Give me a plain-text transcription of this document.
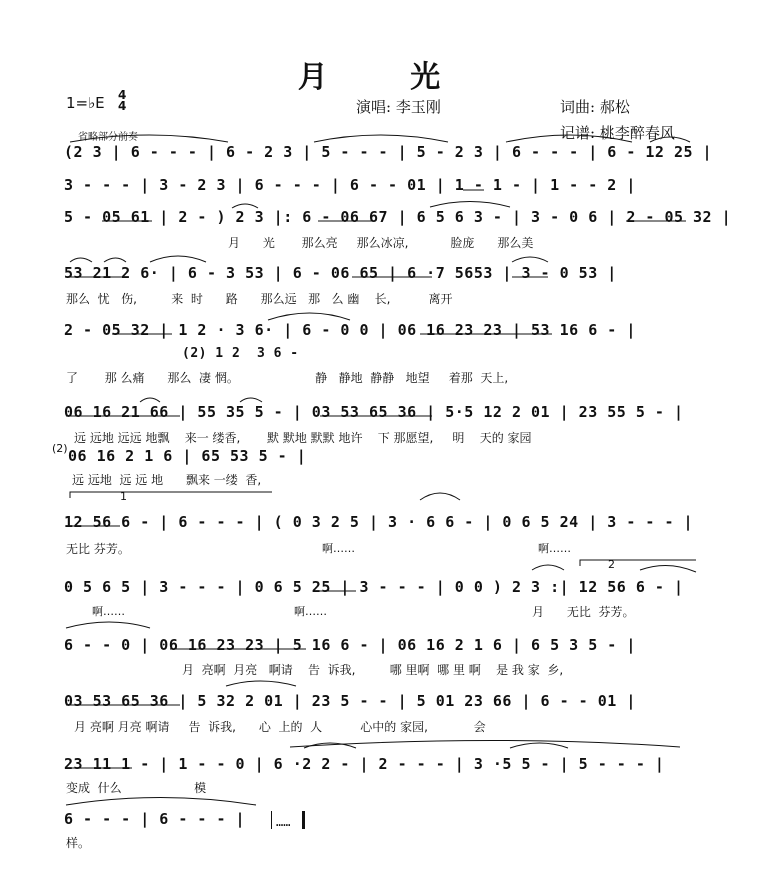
月 光
1=♭E 4
4	演唱: 李玉刚	词曲: 郝松
记谱: 桃李醉春风
省略部分前奏
(2 3 | 6 - - - | 6 - 2 3 | 5 - - - | 5 - 2 3 | 6 - - - | 6 - 12 25 |
3 - - - | 3 - 2 3 | 6 - - - | 6 - - 01 | 1 - 1 - | 1 - - 2 |
5 - 05 61 | 2 - ) 2 3 |: 6 - 06 67 | 6 5 6 3 - | 3 - 0 6 | 2 - 05 32 |
月      光       那么亮     那么冰凉,           脸庞      那么美
53 21 2 6· | 6 - 3 53 | 6 - 06 65 | 6 ·7 5653 | 3 - 0 53 |
那么  忧   伤,         来  时      路      那么远   那   么 幽    长,          离开
2 - 05 32 | 1 2 · 3 6· | 6 - 0 0 | 06 16 23 23 | 53 16 6 - |
(2) 1 2  3 6 -
了       那 么痛      那么  凄 惘。                    静   静地  静静   地望     着那  天上,
06 16 21 66 | 55 35 5 - | 03 53 65 36 | 5·5 12 2 01 | 23 55 5 - |
远 远地 远远 地飘    来一 缕香,       默 默地 默默 地许    下 那愿望,     明    天的 家园
(2) 06 16 2 1 6 | 65 53 5 - |
远 远地  远 远 地      飘来 一缕  香,
1
12 56 6 - | 6 - - - | ( 0 3 2 5 | 3 · 6 6 - | 0 6 5 24 | 3 - - - |
无比 芬芳。	啊……	啊……
2
0 5 6 5 | 3 - - - | 0 6 5 25 | 3 - - - | 0 0 ) 2 3 :| 12 56 6 - |
啊……	啊……	月      无比  芬芳。
6 - - 0 | 06 16 23 23 | 5 16 6 - | 06 16 2 1 6 | 6 5 3 5 - |
月  亮啊  月亮   啊请    告  诉我,         哪 里啊  哪 里 啊    是 我 家  乡,
03 53 65 36 | 5 32 2 01 | 23 5 - - | 5 01 23 66 | 6 - - 01 |
月 亮啊 月亮 啊请     告  诉我,      心  上的  人          心中的 家园,            会
23 11 1 - | 1 - - 0 | 6 ·2 2 - | 2 - - - | 3 ·5 5 - | 5 - - - |
变成  什么                   模
6 - - - | 6 - - - |	……
样。
